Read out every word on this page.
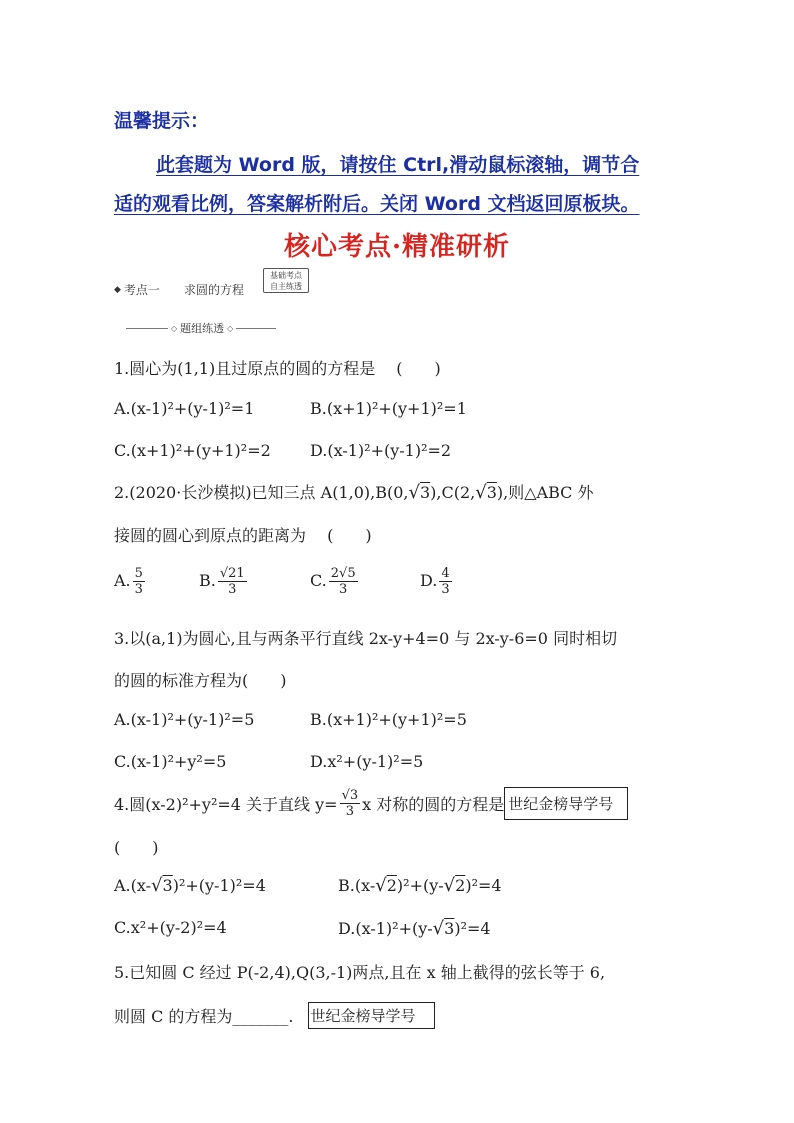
温馨提示：
此套题为 Word 版，请按住 Ctrl,滑动鼠标滚轴，调节合
适的观看比例，答案解析附后。关闭 Word 文档返回原板块。
核心考点·精准研析
◆ 考点一 求圆的方程
基础考点
自主练透
◇ 题组练透 ◇
1.圆心为(1,1)且过原点的圆的方程是　 (　　)
A.(x-1)²+(y-1)²=1	B.(x+1)²+(y+1)²=1
C.(x+1)²+(y+1)²=2 D.(x-1)²+(y-1)²=2
2.(2020·长沙模拟)已知三点 A(1,0),B(0,√3),C(2,√3),则△ABC 外
接圆的圆心到原点的距离为　 (　　)
A. $\frac{5}{3}$	B. $\frac{√21}{3}$	C. $\frac{2√5}{3}$	D. $\frac{4}{3}$
3.以(a,1)为圆心,且与两条平行直线 2x-y+4=0 与 2x-y-6=0 同时相切
的圆的标准方程为(　　)
A.(x-1)²+(y-1)²=5	B.(x+1)²+(y+1)²=5
C.(x-1)²+y²=5	D.x²+(y-1)²=5
4.圆(x-2)²+y²=4 关于直线 $y= \frac{√3}{3}$ x 对称的圆的方程是 世纪金榜导学号
(　　)
A.(x-√3)²+(y-1)²=4	B.(x-√2)²+(y-√2)²=4
C.x²+(y-2)²=4	D.(x-1)²+(y-√3)²=4
5.已知圆 C 经过 P(-2,4),Q(3,-1)两点,且在 x 轴上截得的弦长等于 6,
则圆 C 的方程为_______. 世纪金榜导学号
